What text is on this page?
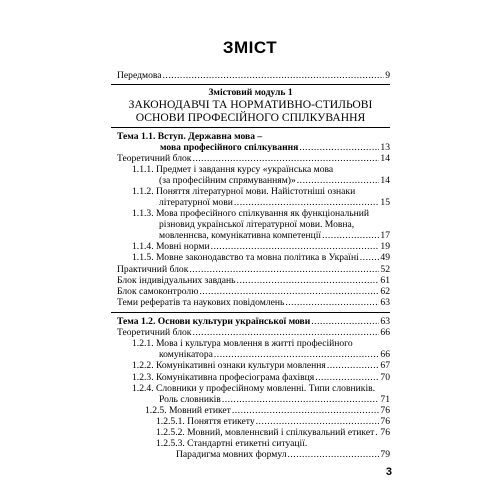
ЗМІСТ
Передмова .....	9
Змістовий модуль 1
ЗАКОНОДАВЧІ ТА НОРМАТИВНО-СТИЛЬОВІ
ОСНОВИ ПРОФЕСІЙНОГО СПІЛКУВАННЯ
Тема 1.1. Вступ. Державна мова –
мова професійного спілкування .....	13
Теоретичний блок .....	14
1.1.1. Предмет і завдання курсу «українська мова
(за професійним спрямуванням)» .....	14
1.1.2. Поняття літературної мови. Найістотніші ознаки
літературної мови .....	15
1.1.3. Мова професійного спілкування як функціональний
різновид української літературної мови. Мовна,
мовленнєва, комунікативна компетенції .....	17
1.1.4. Мовні норми .....	19
1.1.5. Мовне законодавство та мовна політика в Україні ..... 49
Практичний блок .....	52
Блок індивідуальних завдань .....	61
Блок самоконтролю .....	62
Теми рефератів та наукових повідомлень .....	63
Тема 1.2. Основи культури української мови .....	63
Теоретичний блок .....	66
1.2.1. Мова і культура мовлення в житті професійного
комунікатора .....	66
1.2.2. Комунікативні ознаки культури мовлення .....	67
1.2.3. Комунікативна професіограма фахівця .....	70
1.2.4. Словники у професійному мовленні. Типи словників.
Роль словників .....	71
1.2.5. Мовний етикет .....	76
1.2.5.1. Поняття етикету .....	76
1.2.5.2. Мовний, мовленнєвий і спілкувальний етикет ..... 76
1.2.5.3. Стандартні етикетні ситуації.
Парадигма мовних формул .....	79
3
